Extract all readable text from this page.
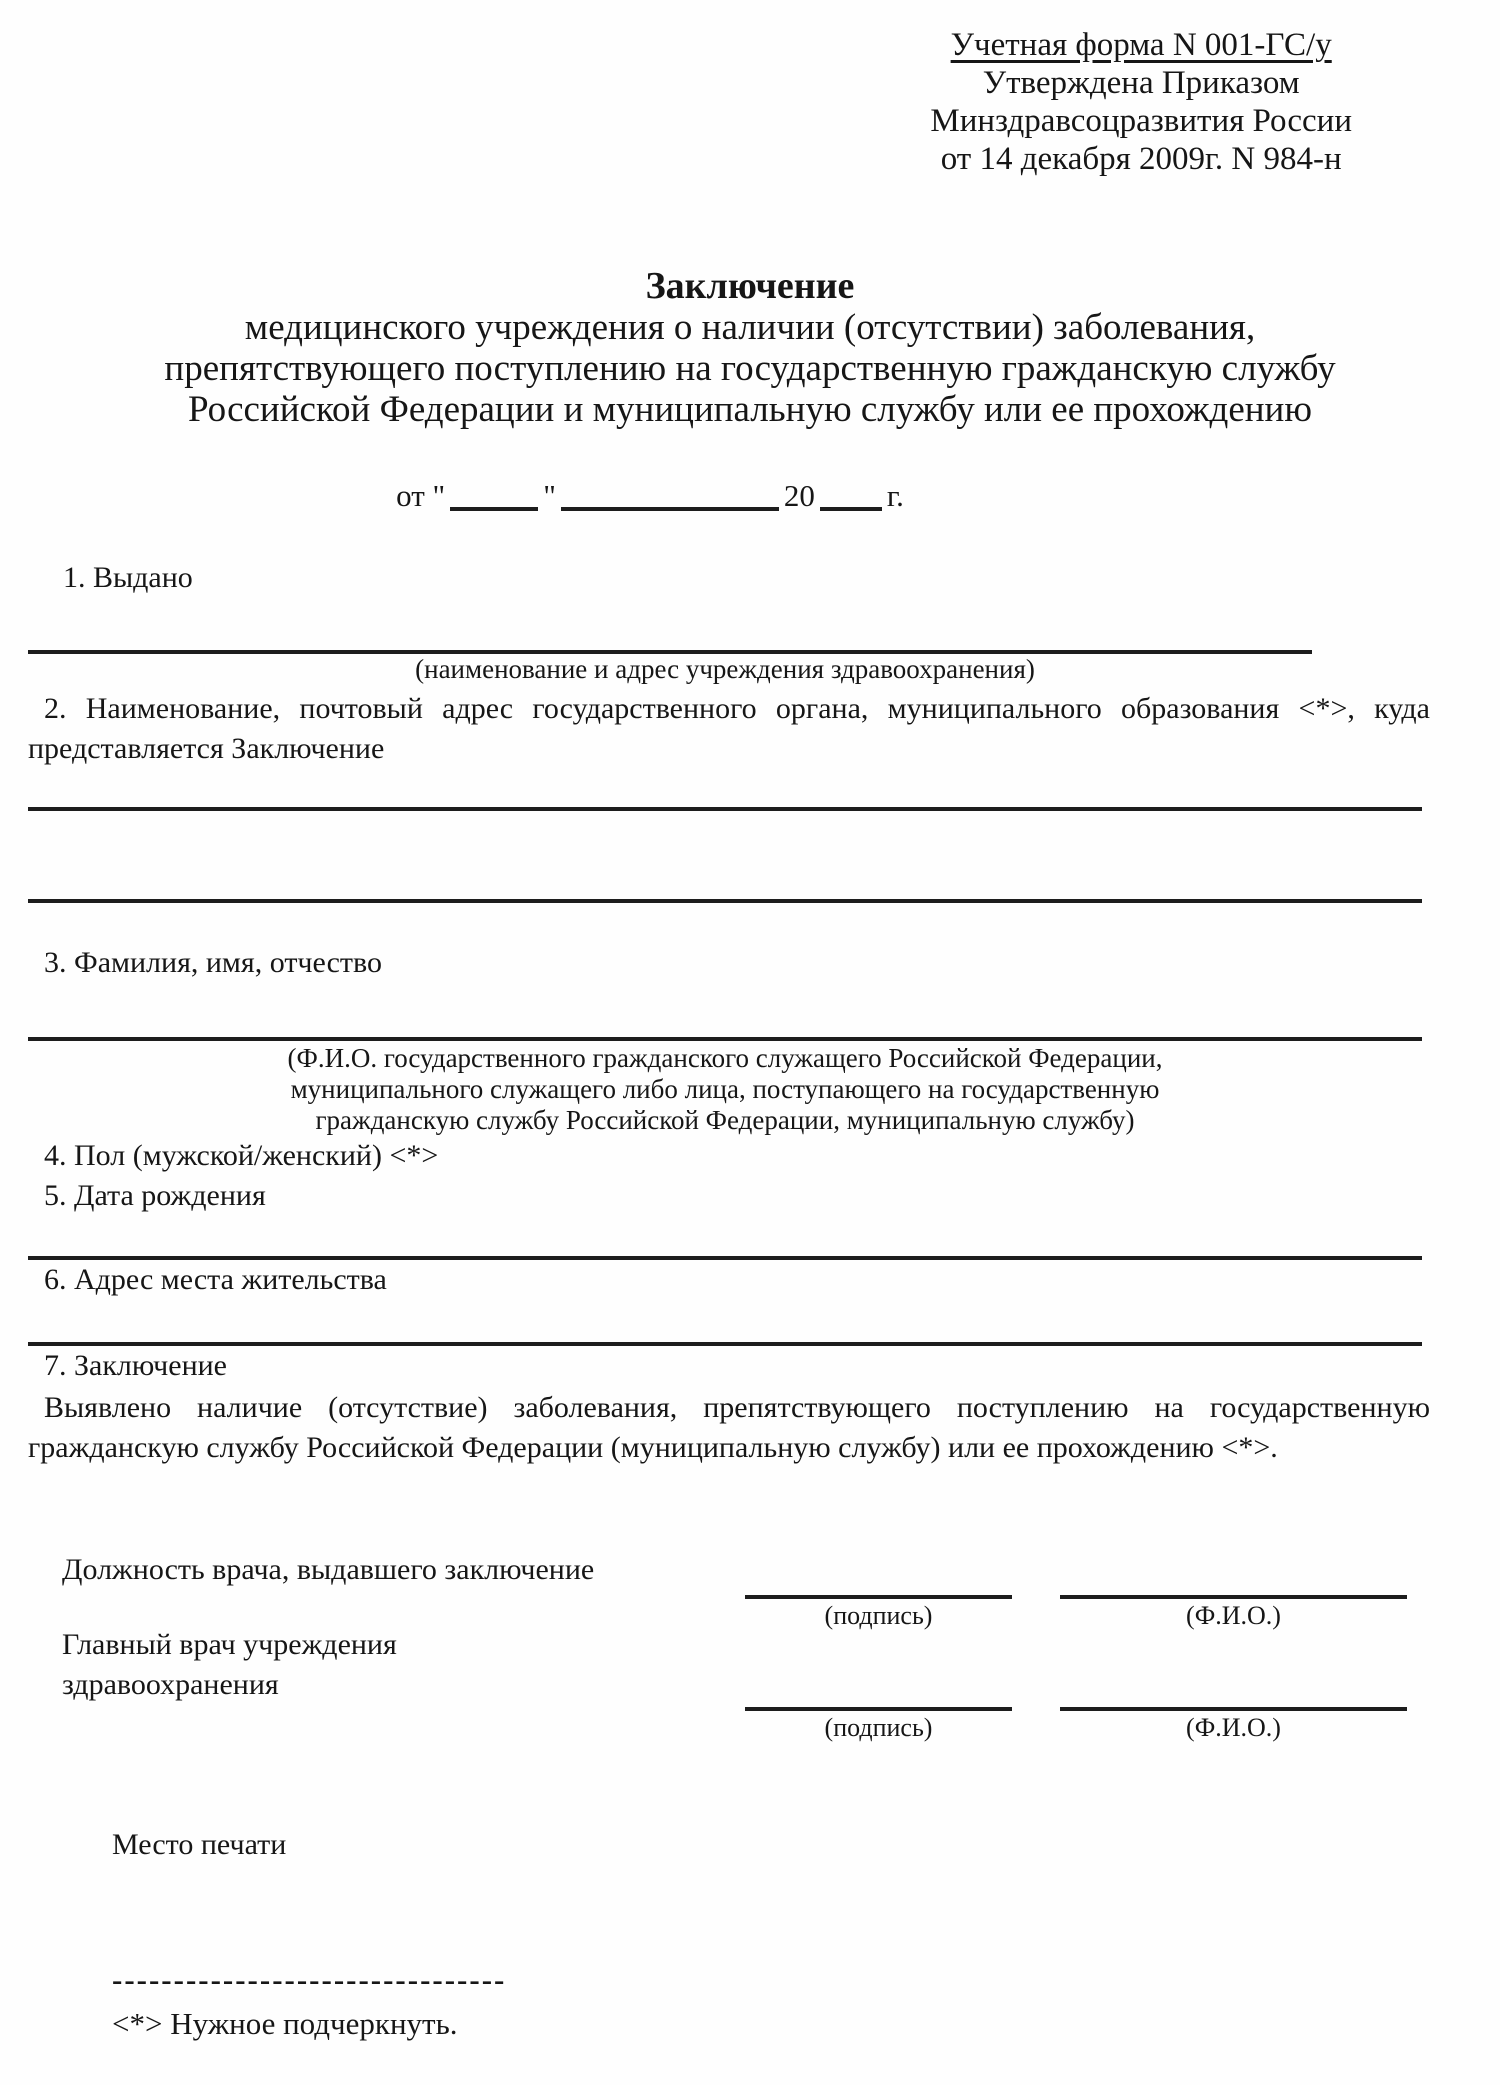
Учетная форма N 001-ГС/у
Утверждена Приказом
Минздравсоцразвития России
от 14 декабря 2009г. N 984-н
Заключение
медицинского учреждения о наличии (отсутствии) заболевания,
препятствующего поступлению на государственную гражданскую службу
Российской Федерации и муниципальную службу или ее прохождению
от "	"	20 г.
1. Выдано
(наименование и адрес учреждения здравоохранения)
2. Наименование, почтовый адрес государственного органа, муниципального образования <*>, куда представляется Заключение
3. Фамилия, имя, отчество
(Ф.И.О. государственного гражданского служащего Российской Федерации,
муниципального служащего либо лица, поступающего на государственную
гражданскую службу Российской Федерации, муниципальную службу)
4. Пол (мужской/женский) <*>
5. Дата рождения
6. Адрес места жительства
7. Заключение
Выявлено наличие (отсутствие) заболевания, препятствующего поступлению на государственную гражданскую службу Российской Федерации (муниципальную службу) или ее прохождению <*>.
Должность врача, выдавшего заключение
(подпись)	(Ф.И.О.)
Главный врач учреждения
здравоохранения
(подпись)	(Ф.И.О.)
Место печати
--------------------------------
<*> Нужное подчеркнуть.
